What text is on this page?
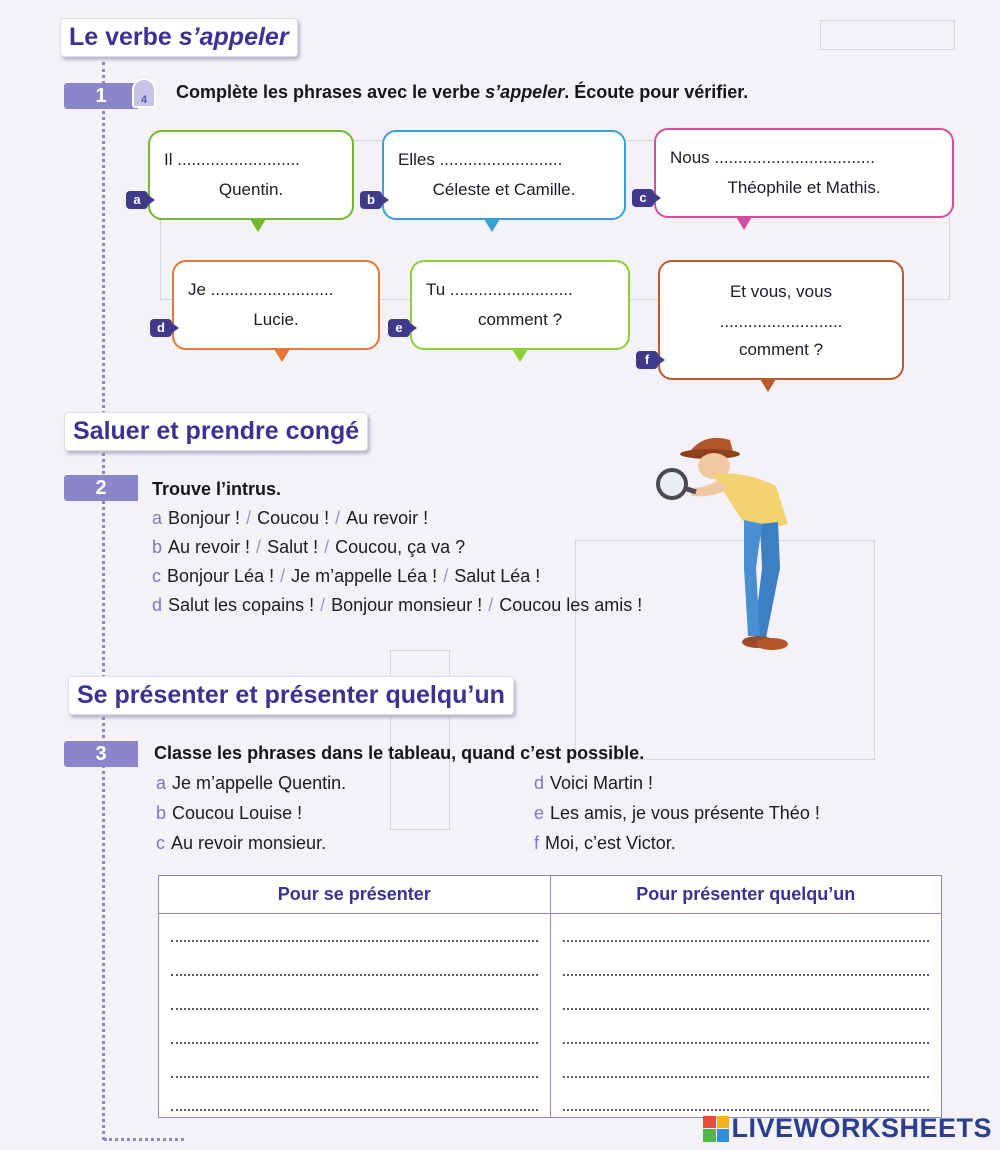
Le verbe s’appeler
1	4	Complète les phrases avec le verbe s’appeler. Écoute pour vérifier.
Il ..........................
Quentin.
a
Elles ..........................
Céleste et Camille.
b
Nous ..................................
Théophile et Mathis.
c
Je ..........................
Lucie.
d
Tu ..........................
comment ?
e
Et vous, vous
..........................
comment ?
f
Saluer et prendre congé
2	Trouve l’intrus.
a Bonjour ! / Coucou ! / Au revoir !
b Au revoir ! / Salut ! / Coucou, ça va ?
c Bonjour Léa ! / Je m’appelle Léa ! / Salut Léa !
d Salut les copains ! / Bonjour monsieur ! / Coucou les amis !
Se présenter et présenter quelqu’un
3	Classe les phrases dans le tableau, quand c’est possible.
a Je m’appelle Quentin.
b Coucou Louise !
c Au revoir monsieur.
d Voici Martin !
e Les amis, je vous présente Théo !
f Moi, c’est Victor.
Pour se présenter	Pour présenter quelqu’un

LIVEWORKSHEETS
